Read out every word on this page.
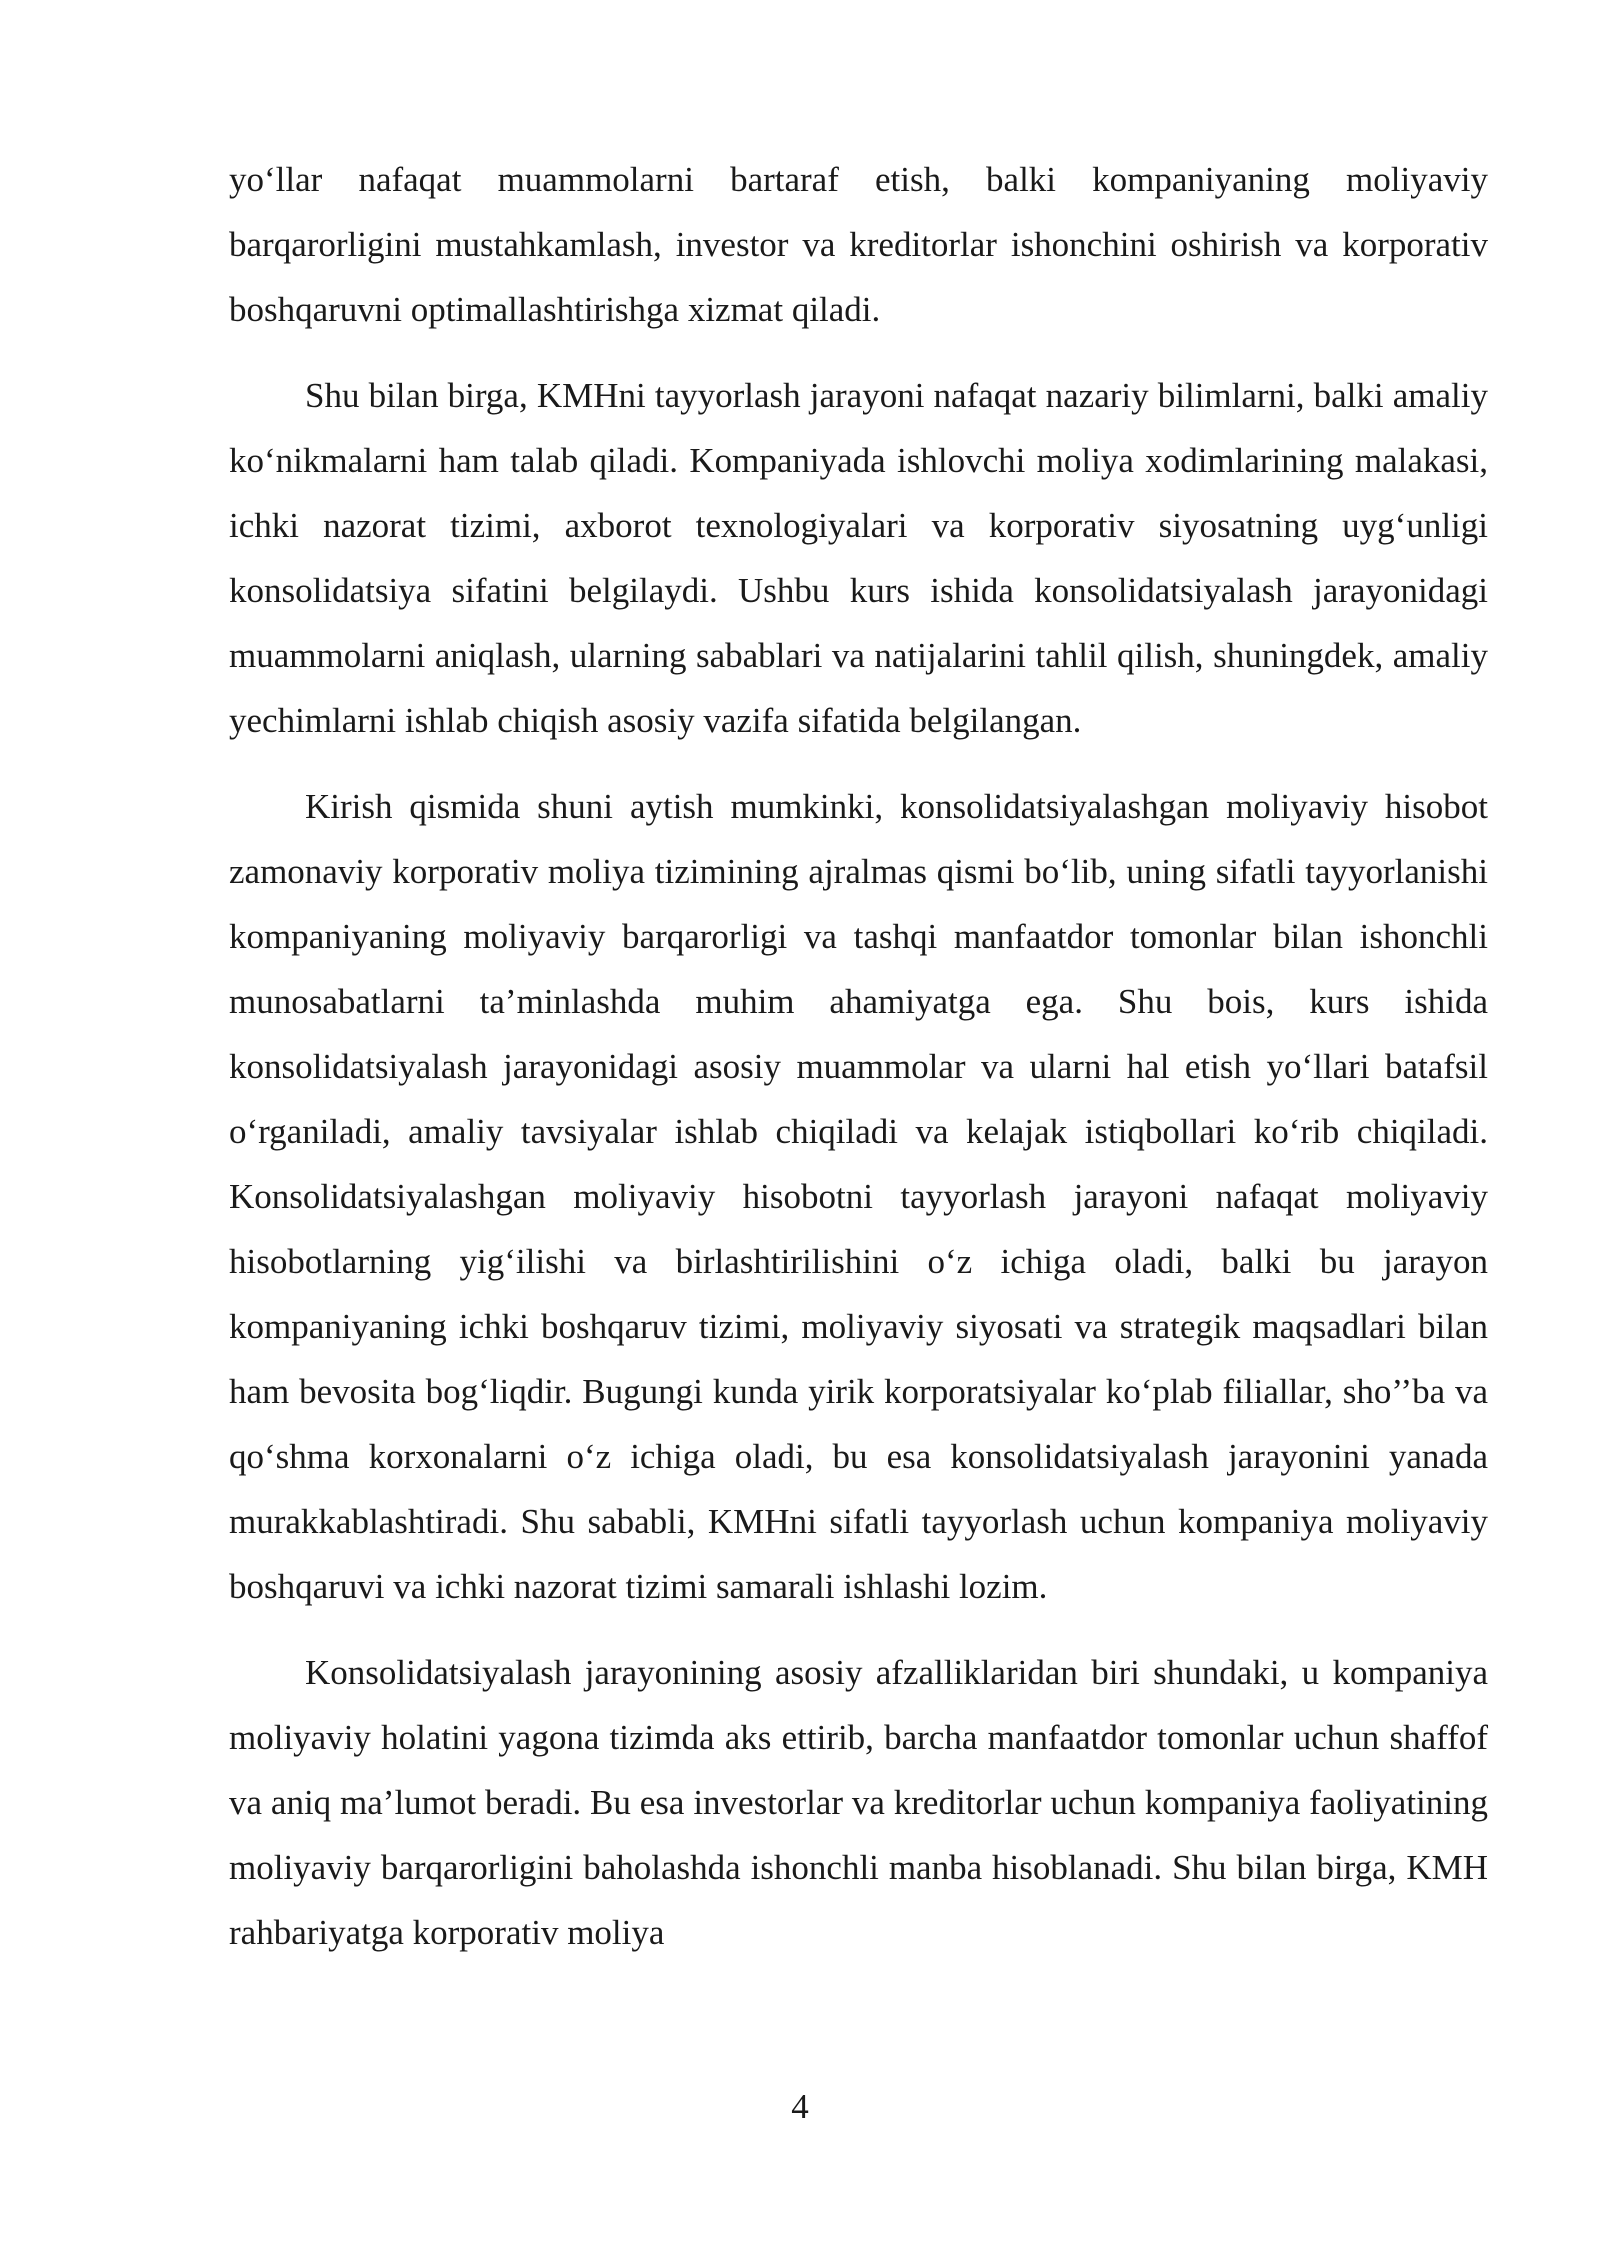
yo‘llar nafaqat muammolarni bartaraf etish, balki kompaniyaning moliyaviy barqarorligini mustahkamlash, investor va kreditorlar ishonchini oshirish va korporativ boshqaruvni optimallashtirishga xizmat qiladi.

Shu bilan birga, KMHni tayyorlash jarayoni nafaqat nazariy bilimlarni, balki amaliy ko‘nikmalarni ham talab qiladi. Kompaniyada ishlovchi moliya xodimlarining malakasi, ichki nazorat tizimi, axborot texnologiyalari va korporativ siyosatning uyg‘unligi konsolidatsiya sifatini belgilaydi. Ushbu kurs ishida konsolidatsiyalash jarayonidagi muammolarni aniqlash, ularning sabablari va natijalarini tahlil qilish, shuningdek, amaliy yechimlarni ishlab chiqish asosiy vazifa sifatida belgilangan.

Kirish qismida shuni aytish mumkinki, konsolidatsiyalashgan moliyaviy hisobot zamonaviy korporativ moliya tizimining ajralmas qismi bo‘lib, uning sifatli tayyorlanishi kompaniyaning moliyaviy barqarorligi va tashqi manfaatdor tomonlar bilan ishonchli munosabatlarni ta’minlashda muhim ahamiyatga ega. Shu bois, kurs ishida konsolidatsiyalash jarayonidagi asosiy muammolar va ularni hal etish yo‘llari batafsil o‘rganiladi, amaliy tavsiyalar ishlab chiqiladi va kelajak istiqbollari ko‘rib chiqiladi. Konsolidatsiyalashgan moliyaviy hisobotni tayyorlash jarayoni nafaqat moliyaviy hisobotlarning yig‘ilishi va birlashtirilishini o‘z ichiga oladi, balki bu jarayon kompaniyaning ichki boshqaruv tizimi, moliyaviy siyosati va strategik maqsadlari bilan ham bevosita bog‘liqdir. Bugungi kunda yirik korporatsiyalar ko‘plab filiallar, sho’’ba va qo‘shma korxonalarni o‘z ichiga oladi, bu esa konsolidatsiyalash jarayonini yanada murakkablashtiradi. Shu sababli, KMHni sifatli tayyorlash uchun kompaniya moliyaviy boshqaruvi va ichki nazorat tizimi samarali ishlashi lozim.

Konsolidatsiyalash jarayonining asosiy afzalliklaridan biri shundaki, u kompaniya moliyaviy holatini yagona tizimda aks ettirib, barcha manfaatdor tomonlar uchun shaffof va aniq ma’lumot beradi. Bu esa investorlar va kreditorlar uchun kompaniya faoliyatining moliyaviy barqarorligini baholashda ishonchli manba hisoblanadi. Shu bilan birga, KMH rahbariyatga korporativ moliya

4
